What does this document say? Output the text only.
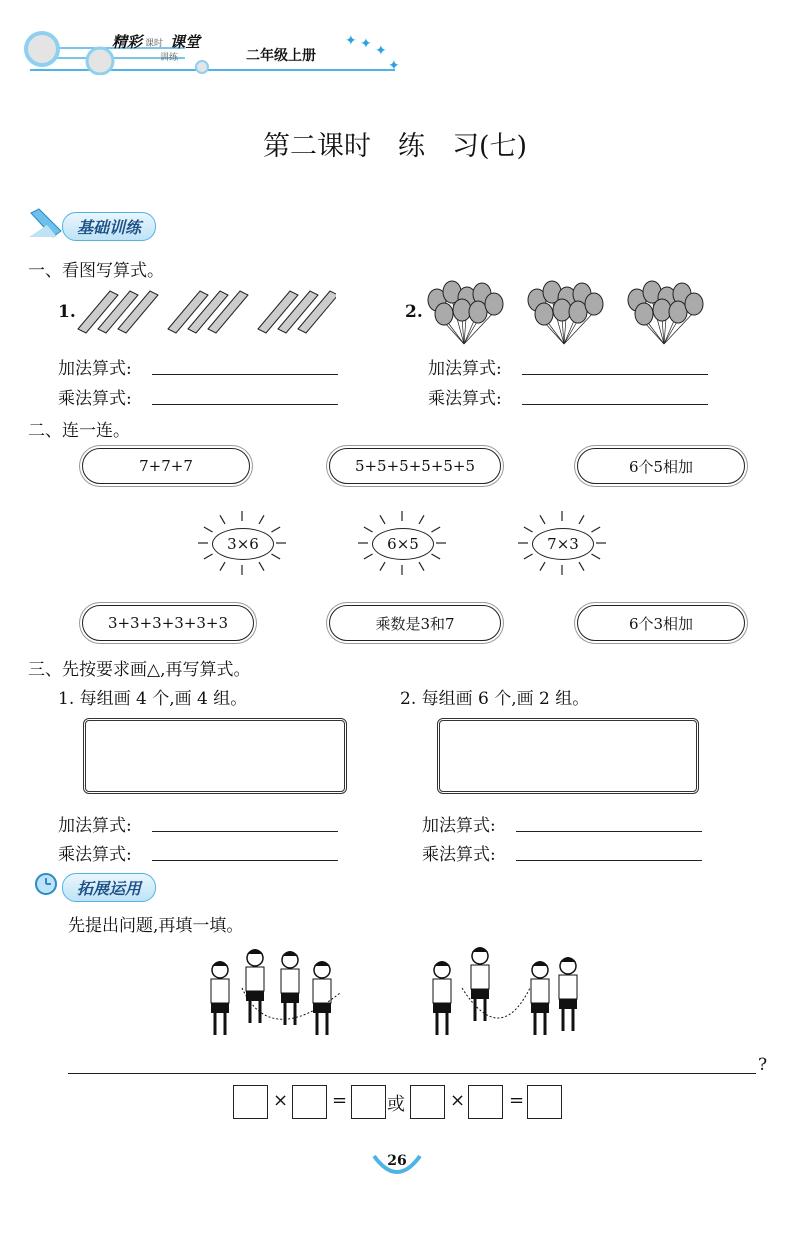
✦ ✦ ✦
✦
精彩 课时 课堂
训练	二年级上册
第二课时　练　习(七)
基础训练
一、看图写算式。
1.	2.
加法算式:
乘法算式:
加法算式:
乘法算式:
二、连一连。
7+7+7	5+5+5+5+5+5	6个5相加
3×6	6×5	7×3
3+3+3+3+3+3	乘数是3和7	6个3相加
三、先按要求画△,再写算式。
1. 每组画 4 个,画 4 组。	2. 每组画 6 个,画 2 组。
加法算式:
乘法算式:
加法算式:
乘法算式:
拓展运用
先提出问题,再填一填。
?
× = 或	× =
26
